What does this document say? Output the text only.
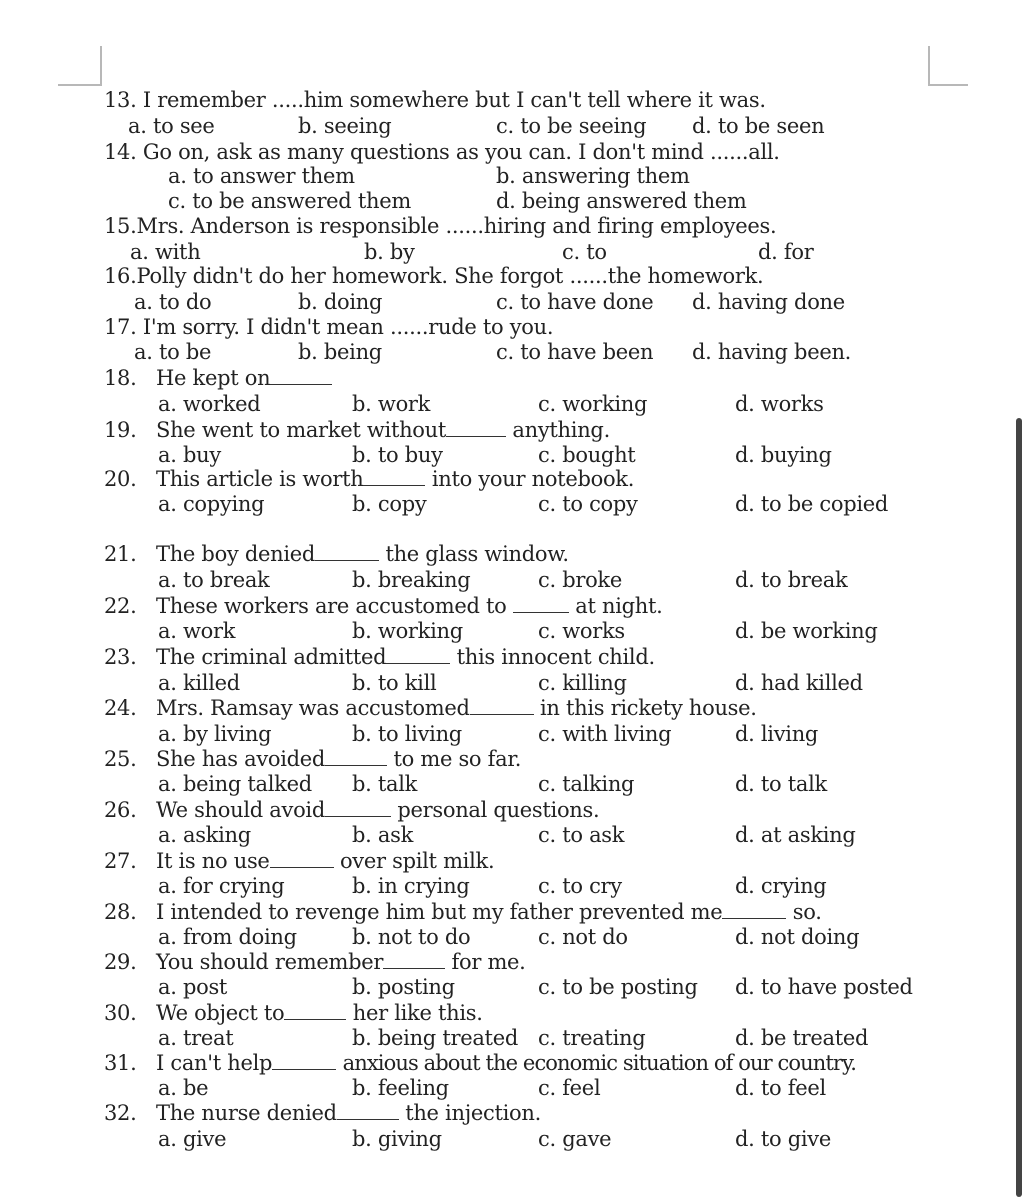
13. I remember .....him somewhere but I can't tell where it was.
a. to see	b. seeing	c. to be seeing d. to be seen
14. Go on, ask as many questions as you can. I don't mind ......all.
a. to answer them	b. answering them
c. to be answered them	d. being answered them
15.Mrs. Anderson is responsible ......hiring and firing employees.
a. with	b. by	c. to	d. for
16.Polly didn't do her homework. She forgot ......the homework.
a. to do	b. doing	c. to have done d. having done
17. I'm sorry. I didn't mean ......rude to you.
a. to be	b. being	c. to have been d. having been.
18. He kept on
a. worked	b. work	c. working	d. works
19. She went to market without	anything.
a. buy	b. to buy	c. bought	d. buying
20. This article is worth	into your notebook.
a. copying	b. copy	c. to copy	d. to be copied
21. The boy denied	the glass window.
a. to break	b. breaking	c. broke	d. to break
22. These workers are accustomed to	at night.
a. work	b. working	c. works	d. be working
23. The criminal admitted	this innocent child.
a. killed	b. to kill	c. killing	d. had killed
24. Mrs. Ramsay was accustomed	in this rickety house.
a. by living	b. to living	c. with living	d. living
25. She has avoided	to me so far.
a. being talked b. talk	c. talking	d. to talk
26. We should avoid	personal questions.
a. asking	b. ask	c. to ask	d. at asking
27. It is no use	over spilt milk.
a. for crying	b. in crying	c. to cry	d. crying
28. I intended to revenge him but my father prevented me	so.
a. from doing	b. not to do	c. not do	d. not doing
29. You should remember	for me.
a. post	b. posting	c. to be posting d. to have posted
30. We object to	her like this.
a. treat	b. being treated c. treating	d. be treated
31. I can't help	anxious about the economic situation of our country.
a. be	b. feeling	c. feel	d. to feel
32. The nurse denied	the injection.
a. give	b. giving	c. gave	d. to give
